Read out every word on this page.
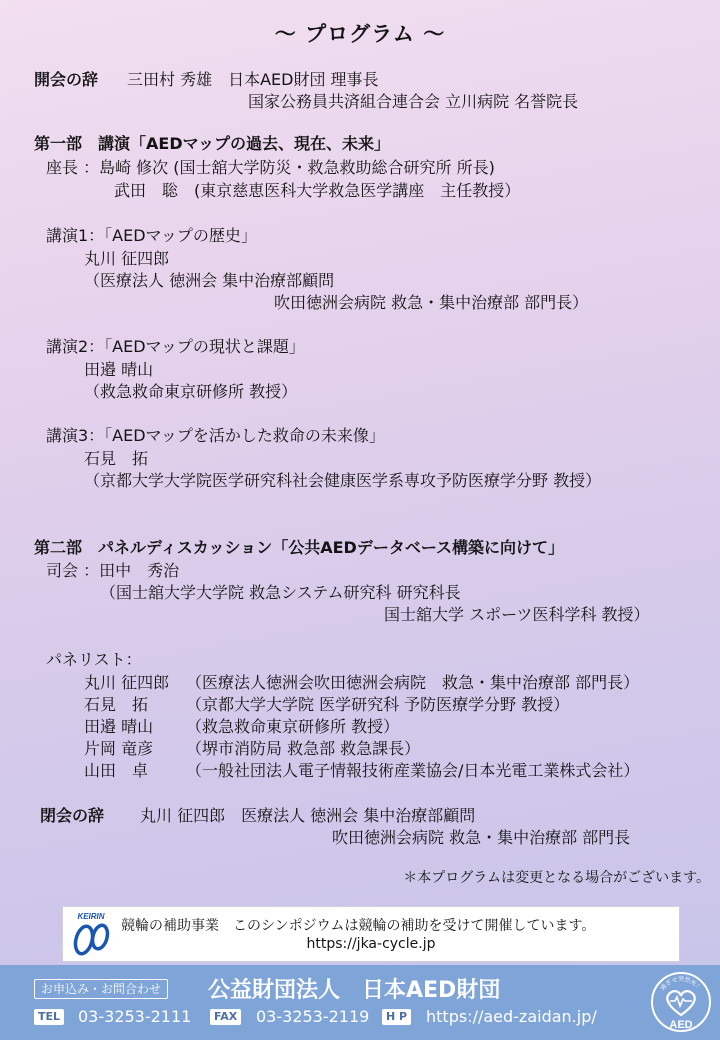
〜 プログラム 〜
開会の辞 三田村 秀雄　日本AED財団 理事長
国家公務員共済組合連合会 立川病院 名誉院長
第一部　講演「AEDマップの過去、現在、未来」
座長 ：島崎 修次 (国士舘大学防災・救急救助総合研究所 所長)
武田　聡　(東京慈恵医科大学救急医学講座　主任教授）
講演1：「AEDマップの歴史」
丸川 征四郎
（医療法人 徳洲会 集中治療部顧問
吹田徳洲会病院 救急・集中治療部 部門長）
講演2：「AEDマップの現状と課題」
田邉 晴山
（救急救命東京研修所 教授）
講演3：「AEDマップを活かした救命の未来像」
石見　拓
（京都大学大学院医学研究科社会健康医学系専攻予防医療学分野 教授）
第二部　パネルディスカッション「公共AEDデータベース構築に向けて」
司会 ：田中　秀治
（国士舘大学大学院 救急システム研究科 研究科長
国士舘大学 スポーツ医科学科 教授）
パネリスト：
丸川 征四郎 （医療法人徳洲会吹田徳洲会病院　救急・集中治療部 部門長）
石見　拓 （京都大学大学院 医学研究科 予防医療学分野 教授）
田邉 晴山 （救急救命東京研修所 教授）
片岡 竜彦 （堺市消防局 救急部 救急課長）
山田　卓 （一般社団法人電子情報技術産業協会/日本光電工業株式会社）
閉会の辞 丸川 征四郎　医療法人 徳洲会 集中治療部顧問
吹田徳洲会病院 救急・集中治療部 部門長
＊本プログラムは変更となる場合がございます。
KEIRIN
競輪の補助事業　このシンポジウムは競輪の補助を受けて開催しています。
https://jka-cycle.jp
お申込み・お問合わせ	公益財団法人　日本AED財団
TEL 03-3253-2111	FAX 03-3253-2119	H P https://aed-zaidan.jp/
過ぎせ突然死！
AED
